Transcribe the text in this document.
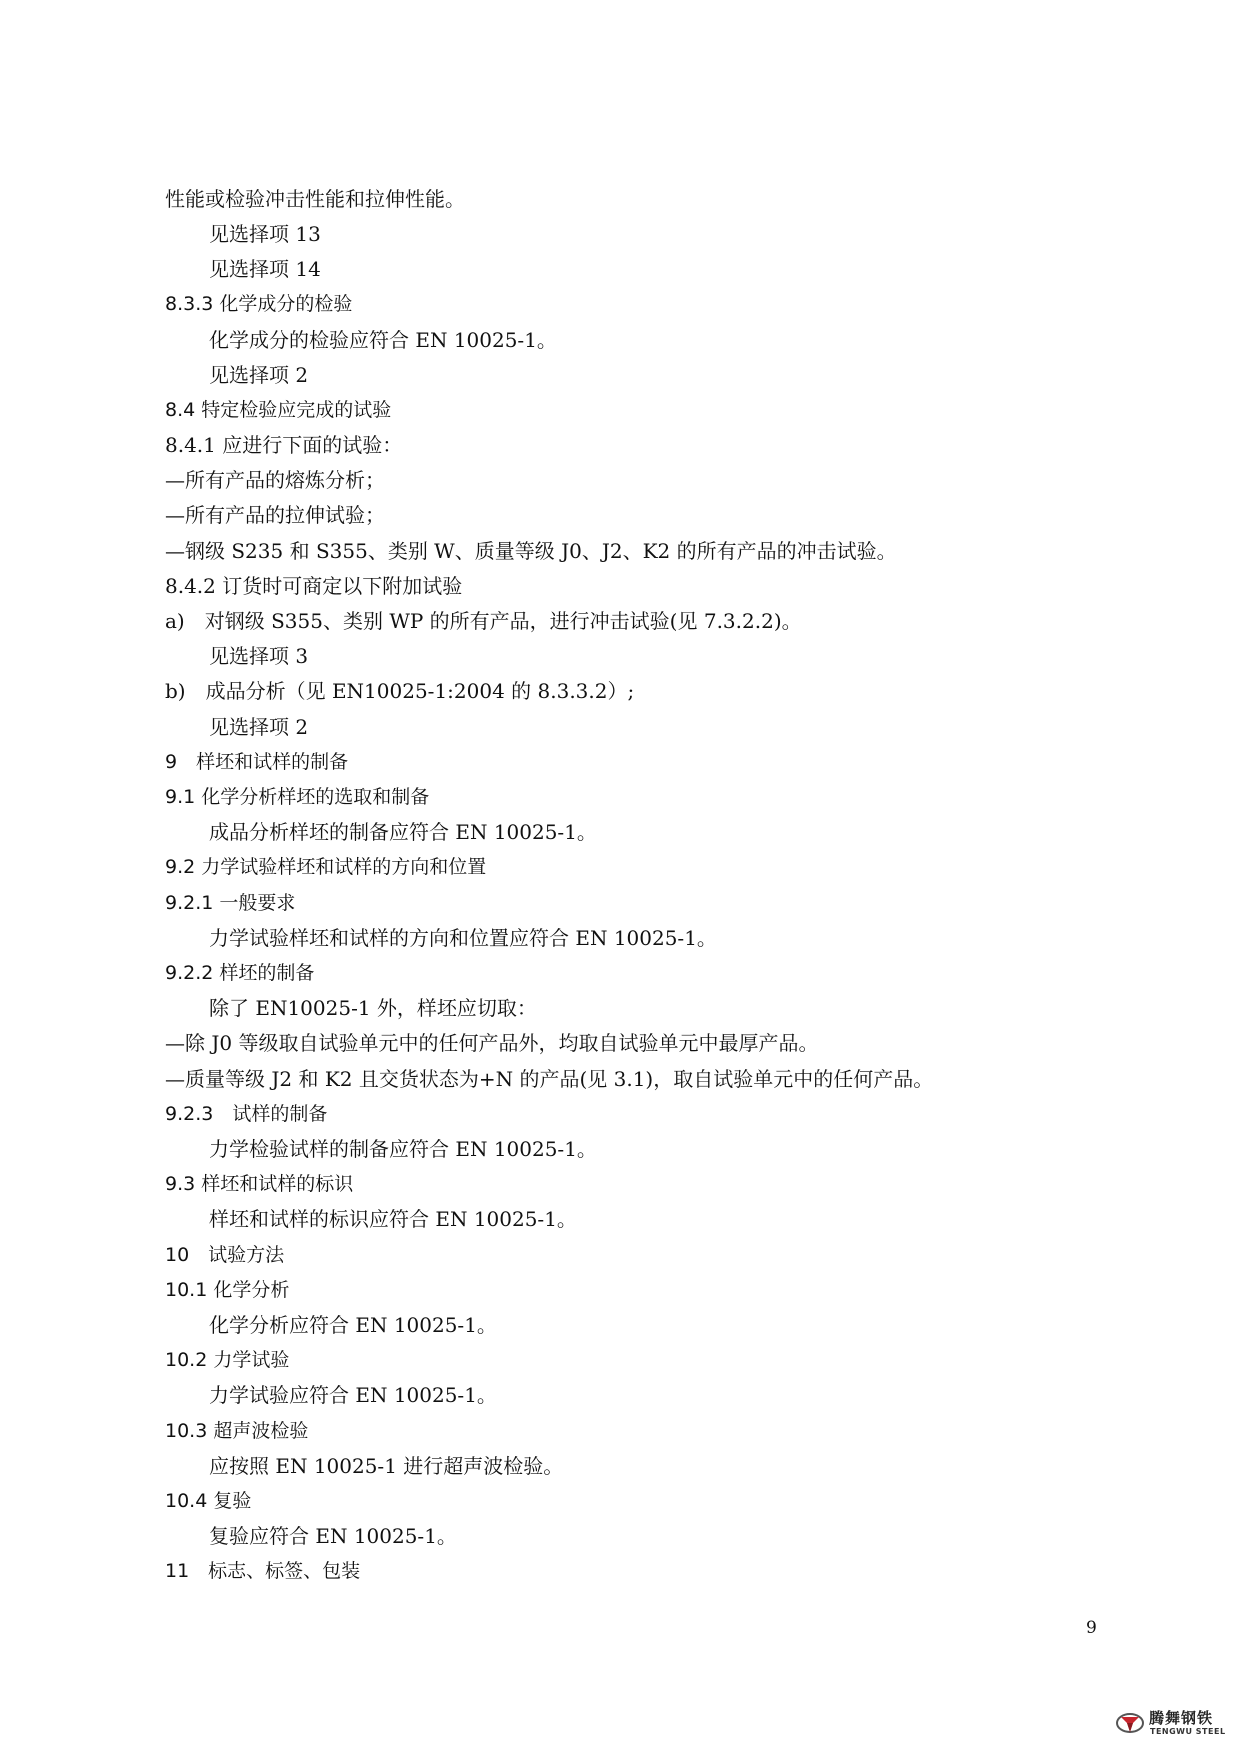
性能或检验冲击性能和拉伸性能。
见选择项 13
见选择项 14
8.3.3 化学成分的检验
化学成分的检验应符合 EN 10025-1。
见选择项 2
8.4 特定检验应完成的试验
8.4.1 应进行下面的试验：
—所有产品的熔炼分析；
—所有产品的拉伸试验；
—钢级 S235 和 S355、类别 W、质量等级 J0、J2、K2 的所有产品的冲击试验。
8.4.2 订货时可商定以下附加试验
a)　对钢级 S355、类别 WP 的所有产品，进行冲击试验(见 7.3.2.2)。
见选择项 3
b)　成品分析（见 EN10025-1:2004 的 8.3.3.2）;
见选择项 2
9　样坯和试样的制备
9.1 化学分析样坯的选取和制备
成品分析样坯的制备应符合 EN 10025-1。
9.2 力学试验样坯和试样的方向和位置
9.2.1 一般要求
力学试验样坯和试样的方向和位置应符合 EN 10025-1。
9.2.2 样坯的制备
除了 EN10025-1 外，样坯应切取：
—除 J0 等级取自试验单元中的任何产品外，均取自试验单元中最厚产品。
—质量等级 J2 和 K2 且交货状态为+N 的产品(见 3.1)，取自试验单元中的任何产品。
9.2.3　试样的制备
力学检验试样的制备应符合 EN 10025-1。
9.3 样坯和试样的标识
样坯和试样的标识应符合 EN 10025-1。
10　试验方法
10.1 化学分析
化学分析应符合 EN 10025-1。
10.2 力学试验
力学试验应符合 EN 10025-1。
10.3 超声波检验
应按照 EN 10025-1 进行超声波检验。
10.4 复验
复验应符合 EN 10025-1。
11　标志、标签、包装
9
腾舞钢铁
TENGWU STEEL
